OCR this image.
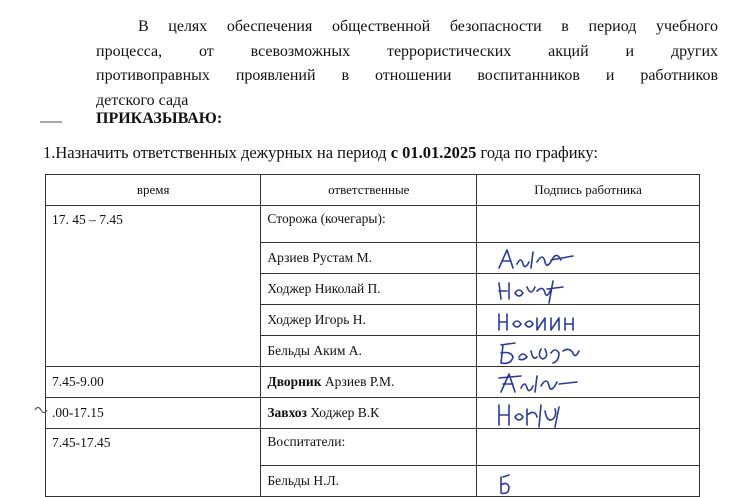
В целях обеспечения общественной безопасности в период учебного
процесса, от всевозможных террористических акций и других
противоправных проявлений в отношении воспитанников и работников
детского сада
ПРИКАЗЫВАЮ:
1.Назначить ответственных дежурных на период с 01.01.2025 года по графику:
время	ответственные	Подпись работника
17. 45 – 7.45	Сторожа (кочегары):	
	Арзиев Рустам М.	

	Ходжер Николай П.	

	Ходжер Игорь Н.	

	Бельды Аким А.	

7.45-9.00	Дворник Арзиев Р.М.	

.00-17.15	Завхоз Ходжер В.К	

7.45-17.45	Воспитатели:	
	Бельды Н.Л.	
